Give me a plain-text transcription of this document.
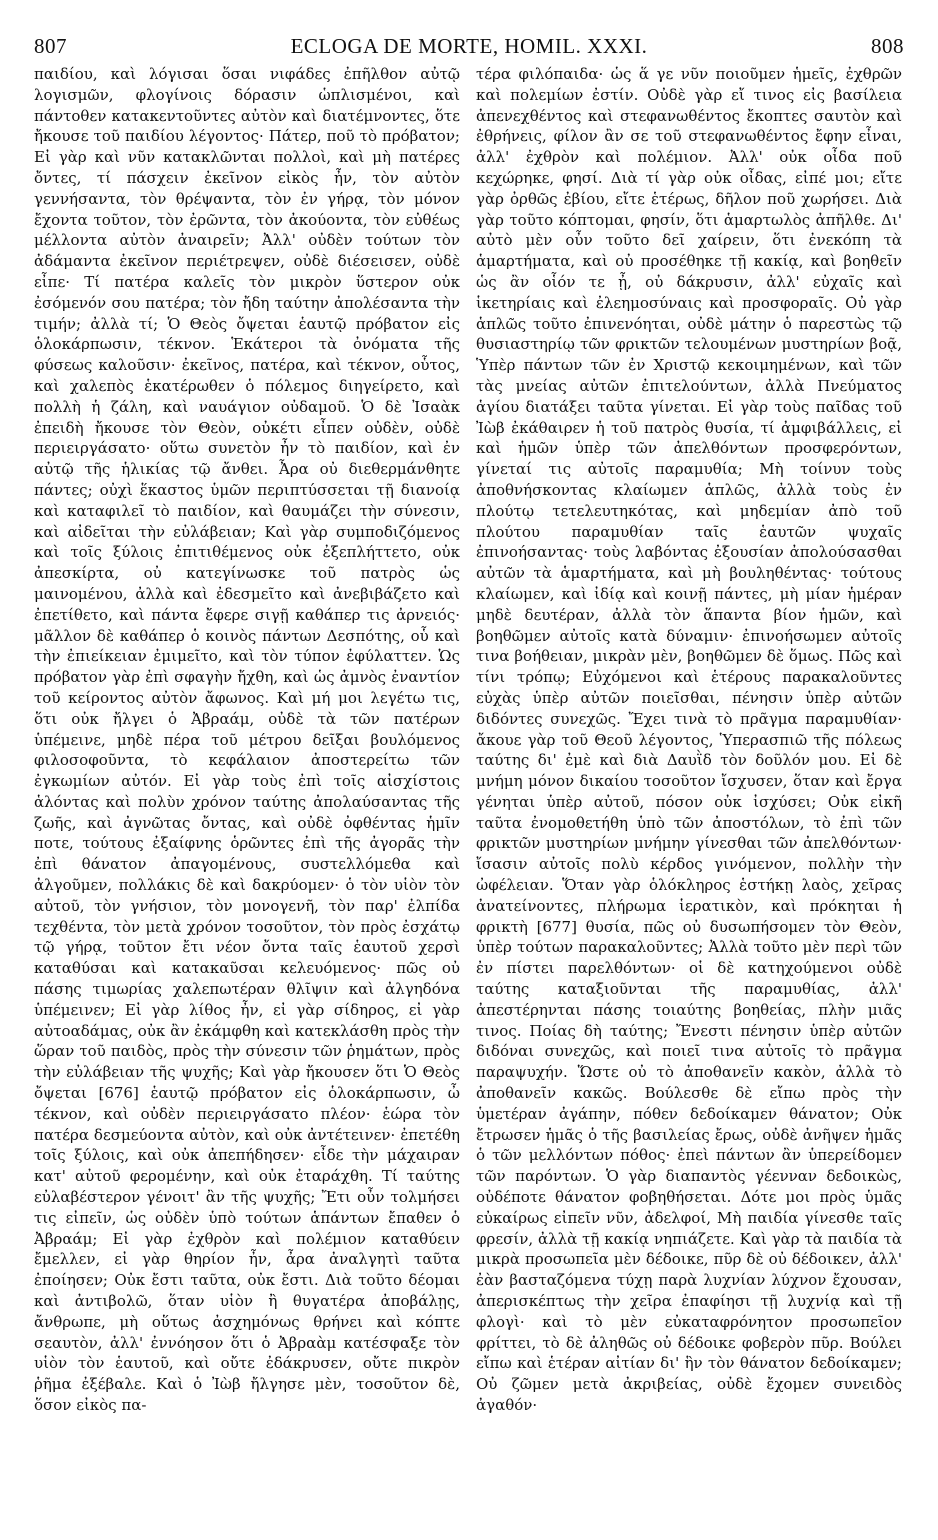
807	ECLOGA DE MORTE, HOMIL. XXXI.	808

παιδίου, καὶ λόγισαι ὅσαι νιφάδες ἐπῆλθον αὐτῷ λογισμῶν, φλογίνοις δόρασιν ὡπλισμένοι, καὶ πάντοθεν κατακεντοῦντες αὐτὸν καὶ διατέμνοντες, ὅτε ἤκουσε τοῦ παιδίου λέγοντος· Πάτερ, ποῦ τὸ πρόβατον; Εἰ γὰρ καὶ νῦν κατακλῶνται πολλοὶ, καὶ μὴ πατέρες ὄντες, τί πάσχειν ἐκεῖνον εἰκὸς ἦν, τὸν αὐτὸν γεννήσαντα, τὸν θρέψαντα, τὸν ἐν γήρᾳ, τὸν μόνον ἔχοντα τοῦτον, τὸν ἐρῶντα, τὸν ἀκούοντα, τὸν εὐθέως μέλλοντα αὐτὸν ἀναιρεῖν; Ἀλλ' οὐδὲν τούτων τὸν ἀδάμαντα ἐκεῖνον περιέτρεψεν, οὐδὲ διέσεισεν, οὐδὲ εἶπε· Τί πατέρα καλεῖς τὸν μικρὸν ὕστερον οὐκ ἐσόμενόν σου πατέρα; τὸν ἤδη ταύτην ἀπολέσαντα τὴν τιμήν; ἀλλὰ τί; Ὁ Θεὸς ὄψεται ἑαυτῷ πρόβατον εἰς ὁλοκάρπωσιν, τέκνον. Ἑκάτεροι τὰ ὀνόματα τῆς φύσεως καλοῦσιν· ἐκεῖνος, πατέρα, καὶ τέκνον, οὗτος, καὶ χαλεπὸς ἑκατέρωθεν ὁ πόλεμος διηγείρετο, καὶ πολλὴ ἡ ζάλη, καὶ ναυάγιον οὐδαμοῦ. Ὁ δὲ Ἰσαὰκ ἐπειδὴ ἤκουσε τὸν Θεὸν, οὐκέτι εἶπεν οὐδὲν, οὐδὲ περιειργάσατο· οὕτω συνετὸν ἦν τὸ παιδίον, καὶ ἐν αὐτῷ τῆς ἡλικίας τῷ ἄνθει. Ἆρα οὐ διεθερμάνθητε πάντες; οὐχὶ ἕκαστος ὑμῶν περιπτύσσεται τῇ διανοίᾳ καὶ καταφιλεῖ τὸ παιδίον, καὶ θαυμάζει τὴν σύνεσιν, καὶ αἰδεῖται τὴν εὐλάβειαν; Καὶ γὰρ συμποδιζόμενος καὶ τοῖς ξύλοις ἐπιτιθέμενος οὐκ ἐξεπλήττετο, οὐκ ἀπεσκίρτα, οὐ κατεγίνωσκε τοῦ πατρὸς ὡς μαινομένου, ἀλλὰ καὶ ἐδεσμεῖτο καὶ ἀνεβιβάζετο καὶ ἐπετίθετο, καὶ πάντα ἔφερε σιγῇ καθάπερ τις ἀρνειός· μᾶλλον δὲ καθάπερ ὁ κοινὸς πάντων Δεσπότης, οὗ καὶ τὴν ἐπιείκειαν ἐμιμεῖτο, καὶ τὸν τύπον ἐφύλαττεν. Ὡς πρόβατον γὰρ ἐπὶ σφαγὴν ἤχθη, καὶ ὡς ἀμνὸς ἐναντίον τοῦ κείροντος αὐτὸν ἄφωνος. Καὶ μή μοι λεγέτω τις, ὅτι οὐκ ἤλγει ὁ Ἀβραάμ, οὐδὲ τὰ τῶν πατέρων ὑπέμεινε, μηδὲ πέρα τοῦ μέτρου δεῖξαι βουλόμενος φιλοσοφοῦντα, τὸ κεφάλαιον ἀποστερείτω τῶν ἐγκωμίων αὐτόν. Εἰ γὰρ τοὺς ἐπὶ τοῖς αἰσχίστοις ἁλόντας καὶ πολὺν χρόνον ταύτης ἀπολαύσαντας τῆς ζωῆς, καὶ ἀγνῶτας ὄντας, καὶ οὐδὲ ὀφθέντας ἡμῖν ποτε, τούτους ἐξαίφνης ὁρῶντες ἐπὶ τῆς ἀγορᾶς τὴν ἐπὶ θάνατον ἀπαγομένους, συστελλόμεθα καὶ ἀλγοῦμεν, πολλάκις δὲ καὶ δακρύομεν· ὁ τὸν υἱὸν τὸν αὐτοῦ, τὸν γνήσιον, τὸν μονογενῆ, τὸν παρ' ἐλπίδα τεχθέντα, τὸν μετὰ χρόνον τοσοῦτον, τὸν πρὸς ἐσχάτῳ τῷ γήρᾳ, τοῦτον ἔτι νέον ὄντα ταῖς ἑαυτοῦ χερσὶ καταθύσαι καὶ κατακαῦσαι κελευόμενος· πῶς οὐ πάσης τιμωρίας χαλεπωτέραν θλῖψιν καὶ ἀλγηδόνα ὑπέμεινεν; Εἰ γὰρ λίθος ἦν, εἰ γὰρ σίδηρος, εἰ γὰρ αὐτοαδάμας, οὐκ ἂν ἐκάμφθη καὶ κατεκλάσθη πρὸς τὴν ὥραν τοῦ παιδὸς, πρὸς τὴν σύνεσιν τῶν ῥημάτων, πρὸς τὴν εὐλάβειαν τῆς ψυχῆς; Καὶ γὰρ ἤκουσεν ὅτι Ὁ Θεὸς ὄψεται [676] ἑαυτῷ πρόβατον εἰς ὁλοκάρπωσιν, ὦ τέκνον, καὶ οὐδὲν περιειργάσατο πλέον· ἑώρα τὸν πατέρα δεσμεύοντα αὐτὸν, καὶ οὐκ ἀντέτεινεν· ἐπετέθη τοῖς ξύλοις, καὶ οὐκ ἀπεπήδησεν· εἶδε τὴν μάχαιραν κατ' αὐτοῦ φερομένην, καὶ οὐκ ἐταράχθη. Τί ταύτης εὐλαβέστερον γένοιτ' ἂν τῆς ψυχῆς; Ἔτι οὖν τολμήσει τις εἰπεῖν, ὡς οὐδὲν ὑπὸ τούτων ἁπάντων ἔπαθεν ὁ Ἀβραάμ; Εἰ γὰρ ἐχθρὸν καὶ πολέμιον καταθύειν ἔμελλεν, εἰ γὰρ θηρίον ἦν, ἆρα ἀναλγητὶ ταῦτα ἐποίησεν; Οὐκ ἔστι ταῦτα, οὐκ ἔστι. Διὰ τοῦτο δέομαι καὶ ἀντιβολῶ, ὅταν υἱὸν ἢ θυγατέρα ἀποβάλῃς, ἄνθρωπε, μὴ οὕτως ἀσχημόνως θρήνει καὶ κόπτε σεαυτὸν, ἀλλ' ἐννόησον ὅτι ὁ Ἀβραὰμ κατέσφαξε τὸν υἱὸν τὸν ἑαυτοῦ, καὶ οὔτε ἐδάκρυσεν, οὔτε πικρὸν ῥῆμα ἐξέβαλε. Καὶ ὁ Ἰὼβ ἤλγησε μὲν, τοσοῦτον δὲ, ὅσον εἰκὸς πα-

τέρα φιλόπαιδα· ὡς ἅ γε νῦν ποιοῦμεν ἡμεῖς, ἐχθρῶν καὶ πολεμίων ἐστίν. Οὐδὲ γὰρ εἴ τινος εἰς βασίλεια ἀπενεχθέντος καὶ στεφανωθέντος ἔκοπτες σαυτὸν καὶ ἐθρήνεις, φίλον ἂν σε τοῦ στεφανωθέντος ἔφην εἶναι, ἀλλ' ἐχθρὸν καὶ πολέμιον. Ἀλλ' οὐκ οἶδα ποῦ κεχώρηκε, φησί. Διὰ τί γὰρ οὐκ οἶδας, εἰπέ μοι; εἴτε γὰρ ὀρθῶς ἐβίου, εἴτε ἑτέρως, δῆλον ποῦ χωρήσει. Διὰ γὰρ τοῦτο κόπτομαι, φησίν, ὅτι ἁμαρτωλὸς ἀπῆλθε. Δι' αὐτὸ μὲν οὖν τοῦτο δεῖ χαίρειν, ὅτι ἐνεκόπη τὰ ἁμαρτήματα, καὶ οὐ προσέθηκε τῇ κακίᾳ, καὶ βοηθεῖν ὡς ἂν οἷόν τε ᾖ, οὐ δάκρυσιν, ἀλλ' εὐχαῖς καὶ ἱκετηρίαις καὶ ἐλεημοσύναις καὶ προσφοραῖς. Οὐ γὰρ ἁπλῶς τοῦτο ἐπινενόηται, οὐδὲ μάτην ὁ παρεστὼς τῷ θυσιαστηρίῳ τῶν φρικτῶν τελουμένων μυστηρίων βοᾷ, Ὑπὲρ πάντων τῶν ἐν Χριστῷ κεκοιμημένων, καὶ τῶν τὰς μνείας αὐτῶν ἐπιτελούντων, ἀλλὰ Πνεύματος ἁγίου διατάξει ταῦτα γίνεται. Εἰ γὰρ τοὺς παῖδας τοῦ Ἰὼβ ἐκάθαιρεν ἡ τοῦ πατρὸς θυσία, τί ἀμφιβάλλεις, εἰ καὶ ἡμῶν ὑπὲρ τῶν ἀπελθόντων προσφερόντων, γίνεταί τις αὐτοῖς παραμυθία; Μὴ τοίνυν τοὺς ἀποθνήσκοντας κλαίωμεν ἁπλῶς, ἀλλὰ τοὺς ἐν πλούτῳ τετελευτηκότας, καὶ μηδεμίαν ἀπὸ τοῦ πλούτου παραμυθίαν ταῖς ἑαυτῶν ψυχαῖς ἐπινοήσαντας· τοὺς λαβόντας ἐξουσίαν ἀπολούσασθαι αὐτῶν τὰ ἁμαρτήματα, καὶ μὴ βουληθέντας· τούτους κλαίωμεν, καὶ ἰδίᾳ καὶ κοινῇ πάντες, μὴ μίαν ἡμέραν μηδὲ δευτέραν, ἀλλὰ τὸν ἅπαντα βίον ἡμῶν, καὶ βοηθῶμεν αὐτοῖς κατὰ δύναμιν· ἐπινοήσωμεν αὐτοῖς τινα βοήθειαν, μικρὰν μὲν, βοηθῶμεν δὲ ὅμως. Πῶς καὶ τίνι τρόπῳ; Εὐχόμενοι καὶ ἑτέρους παρακαλοῦντες εὐχὰς ὑπὲρ αὐτῶν ποιεῖσθαι, πένησιν ὑπὲρ αὐτῶν διδόντες συνεχῶς. Ἔχει τινὰ τὸ πρᾶγμα παραμυθίαν· ἄκουε γὰρ τοῦ Θεοῦ λέγοντος, Ὑπερασπιῶ τῆς πόλεως ταύτης δι' ἐμὲ καὶ διὰ Δαυῒδ τὸν δοῦλόν μου. Εἰ δὲ μνήμη μόνον δικαίου τοσοῦτον ἴσχυσεν, ὅταν καὶ ἔργα γένηται ὑπὲρ αὐτοῦ, πόσον οὐκ ἰσχύσει; Οὐκ εἰκῆ ταῦτα ἐνομοθετήθη ὑπὸ τῶν ἀποστόλων, τὸ ἐπὶ τῶν φρικτῶν μυστηρίων μνήμην γίνεσθαι τῶν ἀπελθόντων· ἴσασιν αὐτοῖς πολὺ κέρδος γινόμενον, πολλὴν τὴν ὠφέλειαν. Ὅταν γὰρ ὁλόκληρος ἑστήκῃ λαὸς, χεῖρας ἀνατείνοντες, πλήρωμα ἱερατικὸν, καὶ πρόκηται ἡ φρικτὴ [677] θυσία, πῶς οὐ δυσωπήσομεν τὸν Θεὸν, ὑπὲρ τούτων παρακαλοῦντες; Ἀλλὰ τοῦτο μὲν περὶ τῶν ἐν πίστει παρελθόντων· οἱ δὲ κατηχούμενοι οὐδὲ ταύτης καταξιοῦνται τῆς παραμυθίας, ἀλλ' ἀπεστέρηνται πάσης τοιαύτης βοηθείας, πλὴν μιᾶς τινος. Ποίας δὴ ταύτης; Ἔνεστι πένησιν ὑπὲρ αὐτῶν διδόναι συνεχῶς, καὶ ποιεῖ τινα αὐτοῖς τὸ πρᾶγμα παραψυχήν. Ὥστε οὐ τὸ ἀποθανεῖν κακὸν, ἀλλὰ τὸ ἀποθανεῖν κακῶς. Βούλεσθε δὲ εἴπω πρὸς τὴν ὑμετέραν ἀγάπην, πόθεν δεδοίκαμεν θάνατον; Οὐκ ἔτρωσεν ἡμᾶς ὁ τῆς βασιλείας ἔρως, οὐδὲ ἀνῆψεν ἡμᾶς ὁ τῶν μελλόντων πόθος· ἐπεὶ πάντων ἂν ὑπερείδομεν τῶν παρόντων. Ὁ γὰρ διαπαντὸς γέενναν δεδοικὼς, οὐδέποτε θάνατον φοβηθήσεται. Δότε μοι πρὸς ὑμᾶς εὐκαίρως εἰπεῖν νῦν, ἀδελφοί, Μὴ παιδία γίνεσθε ταῖς φρεσίν, ἀλλὰ τῇ κακίᾳ νηπιάζετε. Καὶ γὰρ τὰ παιδία τὰ μικρὰ προσωπεῖα μὲν δέδοικε, πῦρ δὲ οὐ δέδοικεν, ἀλλ' ἐὰν βασταζόμενα τύχῃ παρὰ λυχνίαν λύχνον ἔχουσαν, ἀπερισκέπτως τὴν χεῖρα ἐπαφίησι τῇ λυχνίᾳ καὶ τῇ φλογὶ· καὶ τὸ μὲν εὐκαταφρόνητον προσωπεῖον φρίττει, τὸ δὲ ἀληθῶς οὐ δέδοικε φοβερὸν πῦρ. Βούλει εἴπω καὶ ἑτέραν αἰτίαν δι' ἣν τὸν θάνατον δεδοίκαμεν; Οὐ ζῶμεν μετὰ ἀκριβείας, οὐδὲ ἔχομεν συνειδὸς ἀγαθόν·
